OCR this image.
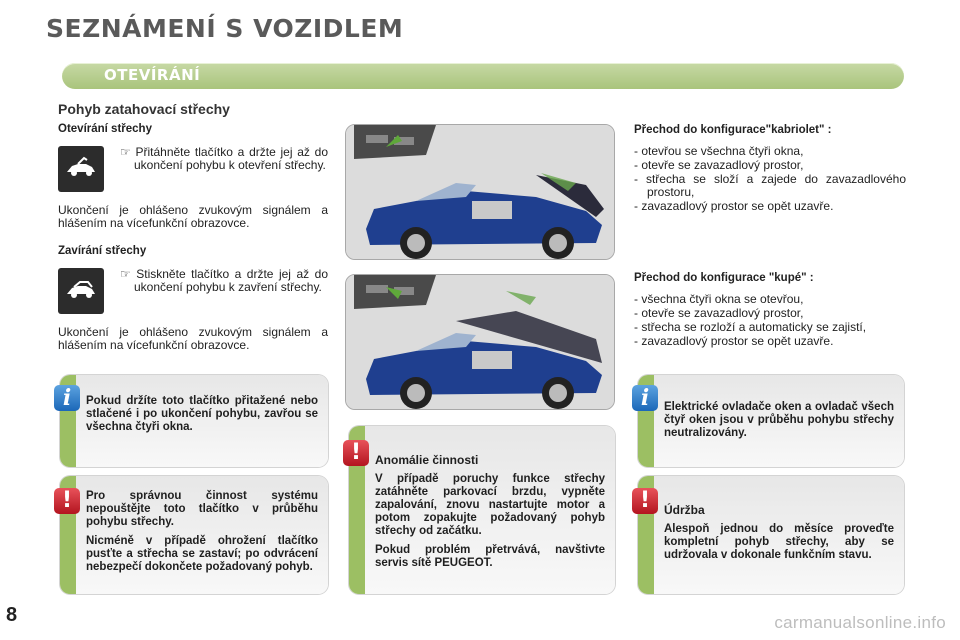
SEZNÁMENÍ S VOZIDLEM
OTEVÍRÁNÍ
Pohyb zatahovací střechy
Otevírání střechy
☞ Přitáhněte tlačítko a držte jej až do ukončení pohybu k otevření střechy.
Ukončení je ohlášeno zvukovým signálem a hlášením na vícefunkční obrazovce.
Zavírání střechy
☞ Stiskněte tlačítko a držte jej až do ukončení pohybu k zavření střechy.
Ukončení je ohlášeno zvukovým signálem a hlášením na vícefunkční obrazovce.
Přechod do konfigurace"kabriolet" :
- otevřou se všechna čtyři okna,
- otevře se zavazadlový prostor,
- střecha se složí a zajede do zavazadlového prostoru,
- zavazadlový prostor se opět uzavře.
Přechod do konfigurace "kupé" :
- všechna čtyři okna se otevřou,
- otevře se zavazadlový prostor,
- střecha se rozloží a automaticky se zajistí,
- zavazadlový prostor se opět uzavře.
i	Pokud držíte toto tlačítko přitažené nebo stlačené i po ukončení pohybu, zavřou se všechna čtyři okna.
!	Pro správnou činnost systému nepouštějte toto tlačítko v průběhu pohybu střechy.

Nicméně v případě ohrožení tlačítko pusťte a střecha se zastaví; po odvrácení nebezpečí dokončete požadovaný pohyb.

!	Anomálie činnosti

V případě poruchy funkce střechy zatáhněte parkovací brzdu, vypněte zapalování, znovu nastartujte motor a potom zopakujte požadovaný pohyb střechy od začátku.

Pokud problém přetrvává, navštivte servis sítě PEUGEOT.

i	Elektrické ovladače oken a ovladač všech čtyř oken jsou v průběhu pohybu střechy neutralizovány.
!	Údržba

Alespoň jednou do měsíce proveďte kompletní pohyb střechy, aby se udržovala v dokonale funkčním stavu.

8	carmanualsonline.info
